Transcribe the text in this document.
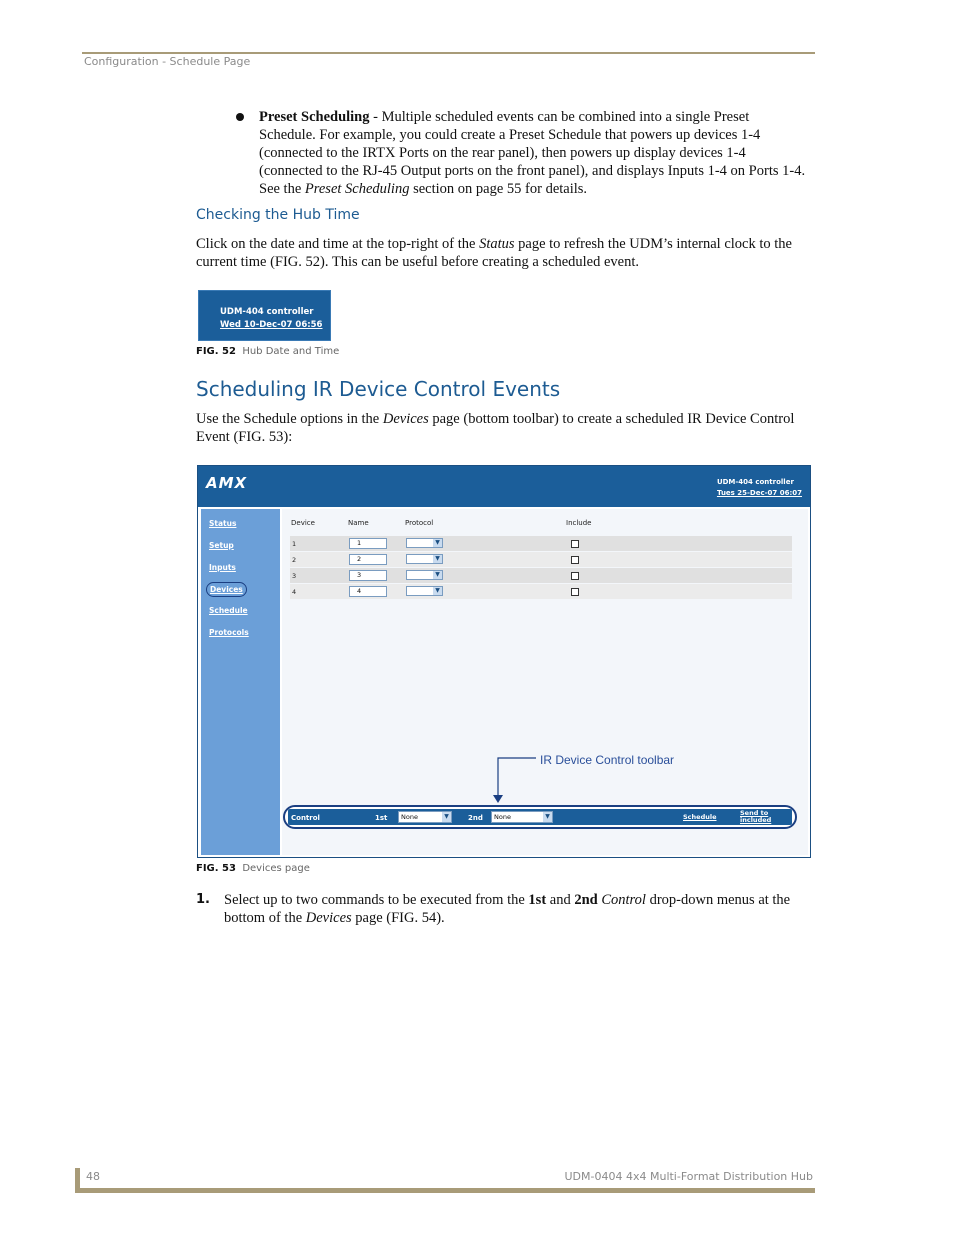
Configuration - Schedule Page
Preset Scheduling - Multiple scheduled events can be combined into a single Preset
Schedule. For example, you could create a Preset Schedule that powers up devices 1-4
(connected to the IRTX Ports on the rear panel), then powers up display devices 1-4
(connected to the RJ-45 Output ports on the front panel), and displays Inputs 1-4 on Ports 1-4.
See the Preset Scheduling section on page 55 for details.
Checking the Hub Time
Click on the date and time at the top-right of the Status page to refresh the UDM’s internal clock to the
current time (FIG. 52). This can be useful before creating a scheduled event.
UDM-404 controller
Wed 10-Dec-07 06:56
FIG. 52 Hub Date and Time
Scheduling IR Device Control Events
Use the Schedule options in the Devices page (bottom toolbar) to create a scheduled IR Device Control
Event (FIG. 53):
AMX	UDM-404 controller
Tues 25-Dec-07 06:07
Status
Setup
Inputs
Devices
Schedule
Protocols
Device	Name	Protocol	Include
1	1	▼
2	2	▼
3	3	▼
4	4	▼
IR Device Control toolbar
Control	1st	None	▼	2nd	None	▼	Schedule	Send to
included
FIG. 53 Devices page
1. Select up to two commands to be executed from the 1st and 2nd Control drop-down menus at the
bottom of the Devices page (FIG. 54).
48	UDM-0404 4x4 Multi-Format Distribution Hub
